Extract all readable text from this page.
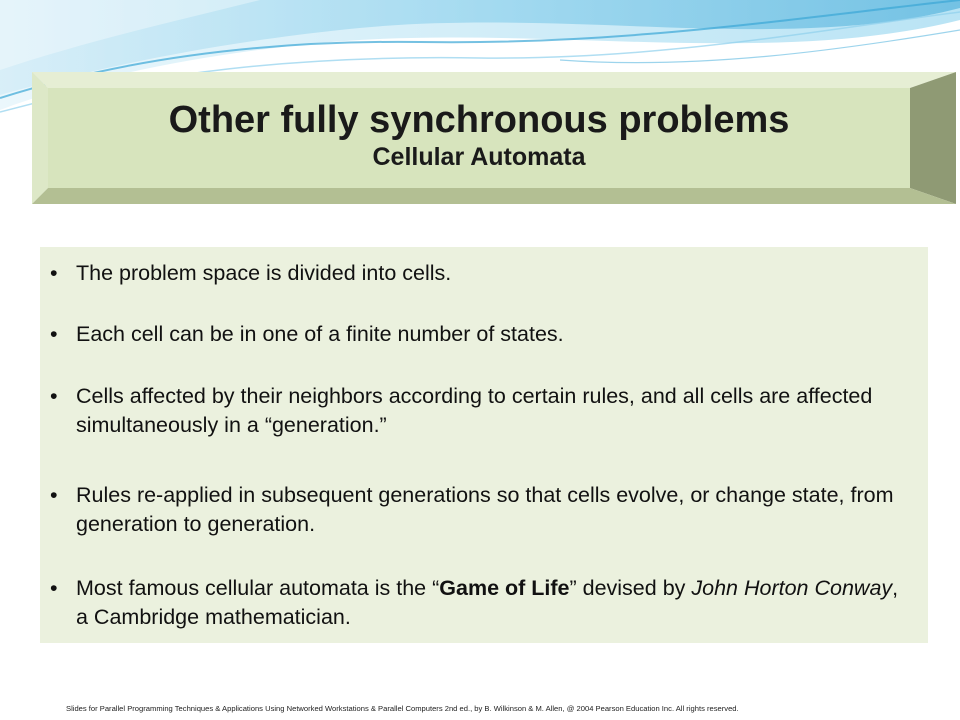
Other fully synchronous problems
Cellular Automata
• The problem space is divided into cells.
• Each cell can be in one of a finite number of states.
• Cells affected by their neighbors according to certain rules, and all cells are affected simultaneously in a “generation.”
• Rules re-applied in subsequent generations so that cells evolve, or change state, from generation to generation.
• Most famous cellular automata is the “Game of Life” devised by John Horton Conway, a Cambridge mathematician.
Slides for Parallel Programming Techniques & Applications Using Networked Workstations & Parallel Computers 2nd ed., by B. Wilkinson & M. Allen, @ 2004 Pearson Education Inc. All rights reserved.
